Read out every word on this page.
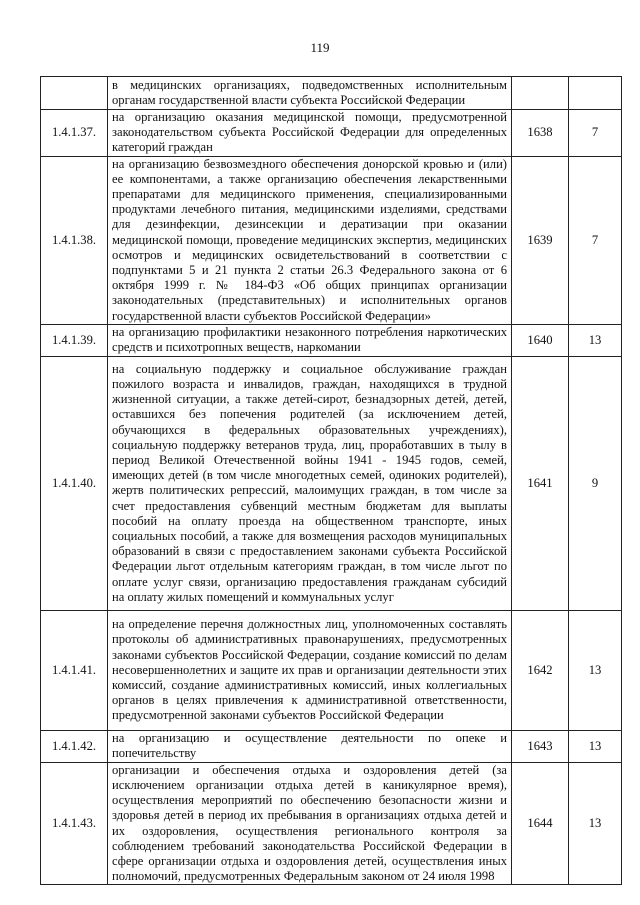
119
	в медицинских организациях, подведомственных исполнительным органам государственной власти субъекта Российской Федерации		
1.4.1.37.	на организацию оказания медицинской помощи, предусмотренной законодательством субъекта Российской Федерации для определенных категорий граждан	1638	7
1.4.1.38.	на организацию безвозмездного обеспечения донорской кровью и (или) ее компонентами, а также организацию обеспечения лекарственными препаратами для медицинского применения, специализированными продуктами лечебного питания, медицинскими изделиями, средствами для дезинфекции, дезинсекции и дератизации при оказании медицинской помощи, проведение медицинских экспертиз, медицинских осмотров и медицинских освидетельствований в соответствии с подпунктами 5 и 21 пункта 2 статьи 26.3 Федерального закона от 6 октября 1999 г. № 184-ФЗ «Об общих принципах организации законодательных (представительных) и исполнительных органов государственной власти субъектов Российской Федерации»	1639	7
1.4.1.39.	на организацию профилактики незаконного потребления наркотических средств и психотропных веществ, наркомании	1640	13
1.4.1.40.	на социальную поддержку и социальное обслуживание граждан пожилого возраста и инвалидов, граждан, находящихся в трудной жизненной ситуации, а также детей-сирот, безнадзорных детей, детей, оставшихся без попечения родителей (за исключением детей, обучающихся в федеральных образовательных учреждениях), социальную поддержку ветеранов труда, лиц, проработавших в тылу в период Великой Отечественной войны 1941 - 1945 годов, семей, имеющих детей (в том числе многодетных семей, одиноких родителей), жертв политических репрессий, малоимущих граждан, в том числе за счет предоставления субвенций местным бюджетам для выплаты пособий на оплату проезда на общественном транспорте, иных социальных пособий, а также для возмещения расходов муниципальных образований в связи с предоставлением законами субъекта Российской Федерации льгот отдельным категориям граждан, в том числе льгот по оплате услуг связи, организацию предоставления гражданам субсидий на оплату жилых помещений и коммунальных услуг	1641	9
1.4.1.41.	на определение перечня должностных лиц, уполномоченных составлять протоколы об административных правонарушениях, предусмотренных законами субъектов Российской Федерации, создание комиссий по делам несовершеннолетних и защите их прав и организации деятельности этих комиссий, создание административных комиссий, иных коллегиальных органов в целях привлечения к административной ответственности, предусмотренной законами субъектов Российской Федерации	1642	13
1.4.1.42.	на организацию и осуществление деятельности по опеке и попечительству	1643	13
1.4.1.43.	организации и обеспечения отдыха и оздоровления детей (за исключением организации отдыха детей в каникулярное время), осуществления мероприятий по обеспечению безопасности жизни и здоровья детей в период их пребывания в организациях отдыха детей и их оздоровления, осуществления регионального контроля за соблюдением требований законодательства Российской Федерации в сфере организации отдыха и оздоровления детей, осуществления иных полномочий, предусмотренных Федеральным законом от 24 июля 1998	1644	13
